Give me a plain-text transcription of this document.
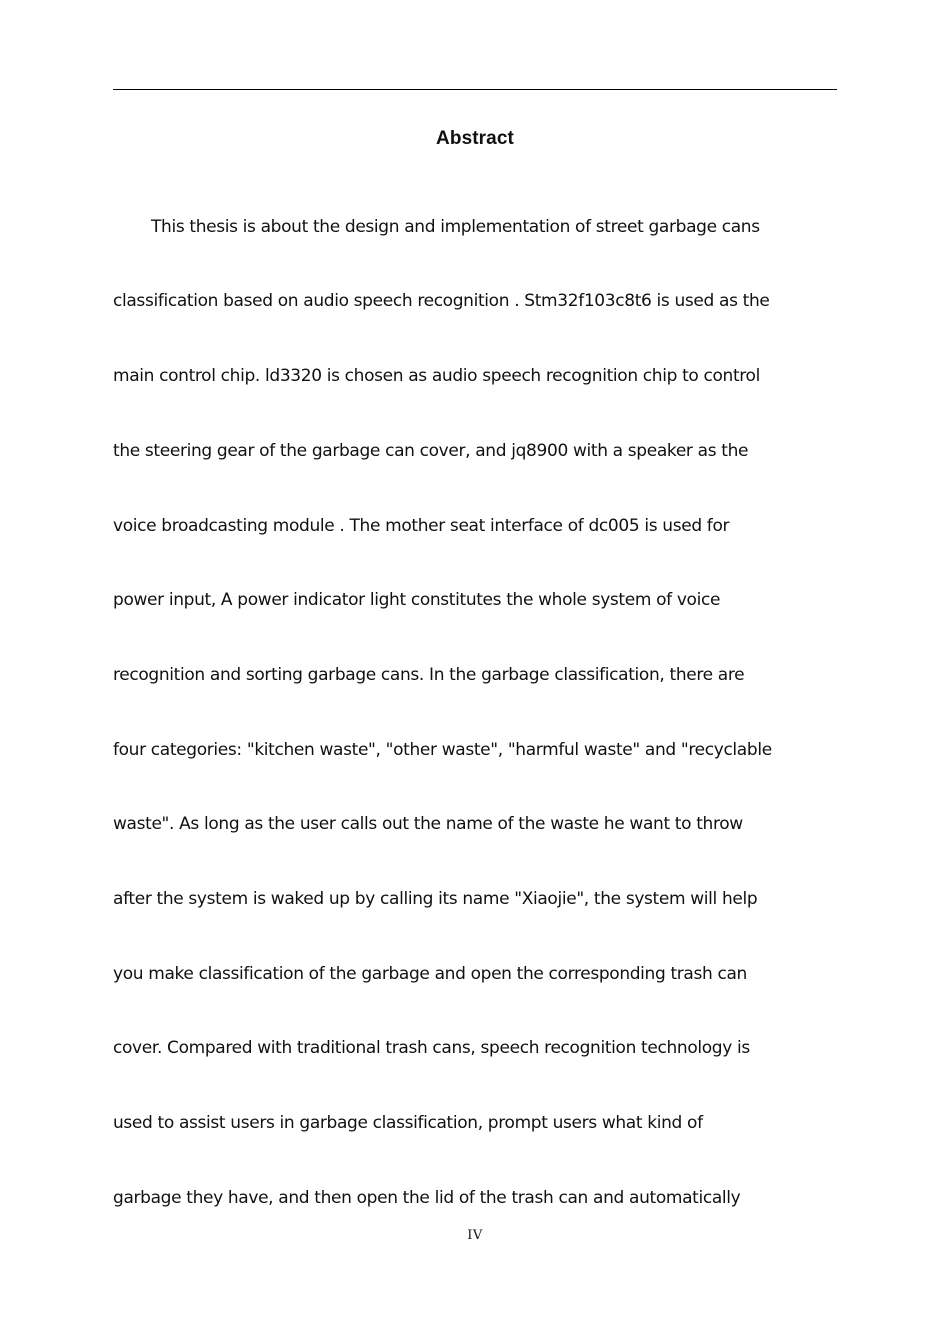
Abstract

This thesis is about the design and implementation of street garbage cans

classification based on audio speech recognition . Stm32f103c8t6 is used as the

main control chip. ld3320 is chosen as audio speech recognition chip to control

the steering gear of the garbage can cover, and jq8900 with a speaker as the

voice broadcasting module . The mother seat interface of dc005 is used for

power input, A power indicator light constitutes the whole system of voice

recognition and sorting garbage cans. In the garbage classification, there are

four categories: "kitchen waste", "other waste", "harmful waste" and "recyclable

waste". As long as the user calls out the name of the waste he want to throw

after the system is waked up by calling its name "Xiaojie", the system will help

you make classification of the garbage and open the corresponding trash can

cover. Compared with traditional trash cans, speech recognition technology is

used to assist users in garbage classification, prompt users what kind of

garbage they have, and then open the lid of the trash can and automatically

IV
